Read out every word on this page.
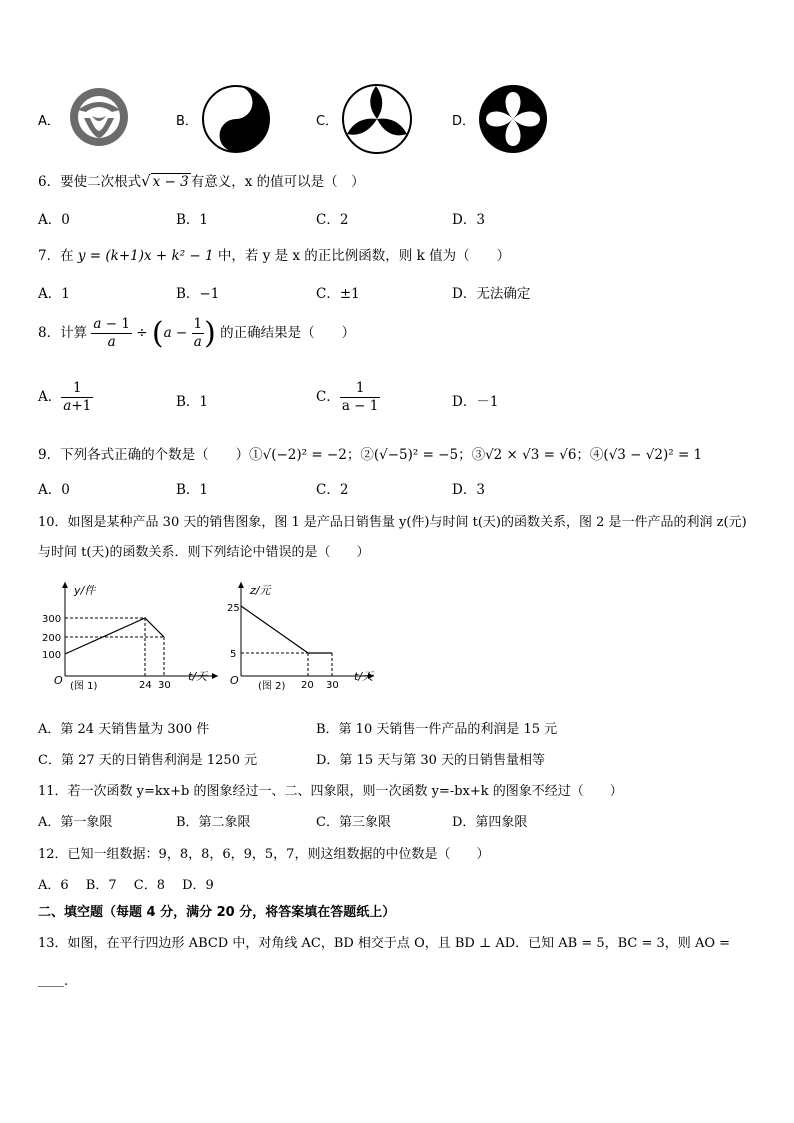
A．	B．	C．	D．
6．要使二次根式√ x − 3 有意义，x 的值可以是（　）
A．0	B．1	C．2	D．3
7．在 y = (k+1)x + k² − 1 中，若 y 是 x 的正比例函数，则 k 值为（　　）
A．1	B．−1	C．±1	D．无法确定
8．计算 $\frac{a - 1}{a} \div (a - \frac{1}{a}$ ) 的正确结果是（　　）
A． $\frac{1}{a+1}$	B．1	C． $\frac{1}{a - 1}$	D．－1
9．下列各式正确的个数是（　　）①√(−2)² = −2；②(√−5)² = −5；③√2 × √3 = √6；④(√3 − √2)² = 1
A．0	B．1	C．2	D．3
10．如图是某种产品 30 天的销售图象，图 1 是产品日销售量 y(件)与时间 t(天)的函数关系，图 2 是一件产品的利润 z(元)
与时间 t(天)的函数关系．则下列结论中错误的是（　　）
y/件
t/天
O
300
200
100
24 30
(图 1)
z/元
t/天
O
25
5
20 30
(图 2)
A．第 24 天销售量为 300 件	B．第 10 天销售一件产品的利润是 15 元
C．第 27 天的日销售利润是 1250 元	D．第 15 天与第 30 天的日销售量相等
11．若一次函数 y=kx+b 的图象经过一、二、四象限，则一次函数 y=-bx+k 的图象不经过（　　）
A．第一象限	B．第二象限	C．第三象限	D．第四象限
12．已知一组数据：9，8，8，6，9，5，7，则这组数据的中位数是（　　）
A．6　 B．7　 C．8　 D．9
二、填空题（每题 4 分，满分 20 分，将答案填在答题纸上）
13．如图，在平行四边形 ABCD 中，对角线 AC，BD 相交于点 O，且 BD ⊥ AD．已知 AB = 5，BC = 3，则 AO =
＿＿.
